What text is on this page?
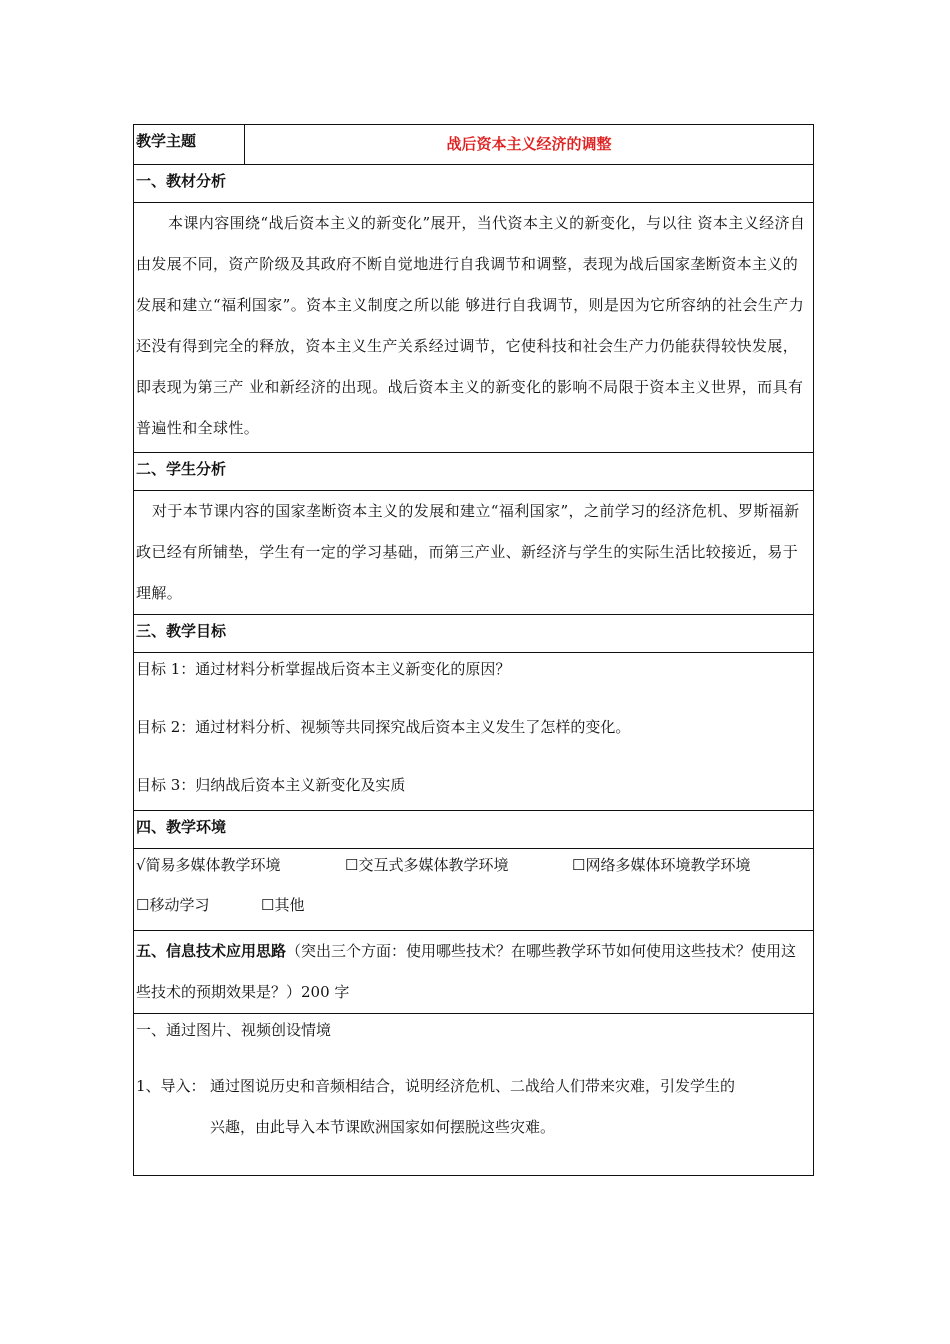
教学主题	战后资本主义经济的调整
一、教材分析

本课内容围绕“战后资本主义的新变化”展开，当代资本主义的新变化，与以往 资本主义经济自由发展不同，资产阶级及其政府不断自觉地进行自我调节和调整，表现为战后国家垄断资本主义的发展和建立“福利国家”。资本主义制度之所以能 够进行自我调节，则是因为它所容纳的社会生产力还没有得到完全的释放，资本主义生产关系经过调节，它使科技和社会生产力仍能获得较快发展，即表现为第三产 业和新经济的出现。战后资本主义的新变化的影响不局限于资本主义世界，而具有普遍性和全球性。

二、学生分析

对于本节课内容的国家垄断资本主义的发展和建立“福利国家”，之前学习的经济危机、罗斯福新政已经有所铺垫，学生有一定的学习基础，而第三产业、新经济与学生的实际生活比较接近，易于理解。

三、教学目标

目标 1：通过材料分析掌握战后资本主义新变化的原因？

目标 2：通过材料分析、视频等共同探究战后资本主义发生了怎样的变化。

目标 3：归纳战后资本主义新变化及实质

四、教学环境

√简易多媒体教学环境	☐交互式多媒体教学环境	☐网络多媒体环境教学环境
☐移动学习	☐其他

五、信息技术应用思路（突出三个方面：使用哪些技术？在哪些教学环节如何使用这些技术？使用这些技术的预期效果是？）200 字

一、通过图片、视频创设情境
1、导入： 通过图说历史和音频相结合，说明经济危机、二战给人们带来灾难，引发学生的
兴趣，由此导入本节课欧洲国家如何摆脱这些灾难。
